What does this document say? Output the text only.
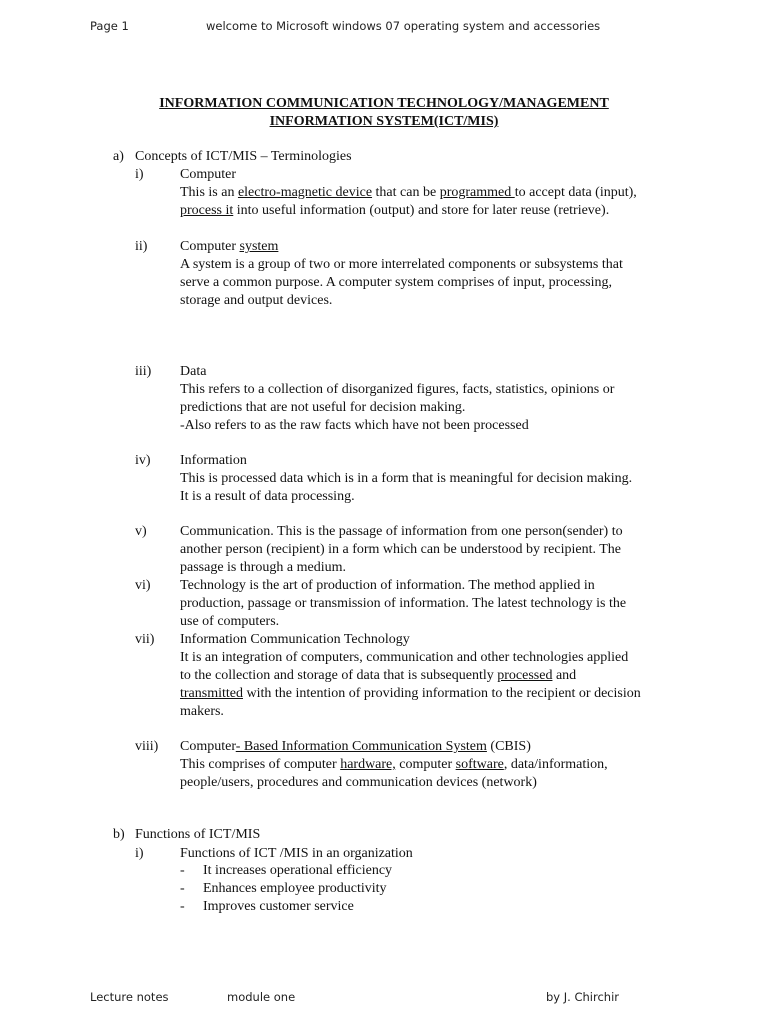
Page 1	welcome to Microsoft windows 07 operating system and accessories
INFORMATION COMMUNICATION TECHNOLOGY/MANAGEMENT
INFORMATION SYSTEM(ICT/MIS)
a) Concepts of ICT/MIS – Terminologies
i)	Computer
This is an electro-magnetic device that can be programmed to accept data (input),
process it into useful information (output) and store for later reuse (retrieve).
ii) Computer system
A system is a group of two or more interrelated components or subsystems that
serve a common purpose. A computer system comprises of input, processing,
storage and output devices.
iii) Data
This refers to a collection of disorganized figures, facts, statistics, opinions or
predictions that are not useful for decision making.
-Also refers to as the raw facts which have not been processed
iv) Information
This is processed data which is in a form that is meaningful for decision making.
It is a result of data processing.
v) Communication. This is the passage of information from one person(sender) to
another person (recipient) in a form which can be understood by recipient. The
passage is through a medium.
vi) Technology is the art of production of information. The method applied in
production, passage or transmission of information. The latest technology is the
use of computers.
vii) Information Communication Technology
It is an integration of computers, communication and other technologies applied
to the collection and storage of data that is subsequently processed and
transmitted with the intention of providing information to the recipient or decision
makers.
viii) Computer- Based Information Communication System (CBIS)
This comprises of computer hardware, computer software, data/information,
people/users, procedures and communication devices (network)
b) Functions of ICT/MIS
i)	Functions of ICT /MIS in an organization
- It increases operational efficiency
- Enhances employee productivity
- Improves customer service
Lecture notes	module one	by J. Chirchir
